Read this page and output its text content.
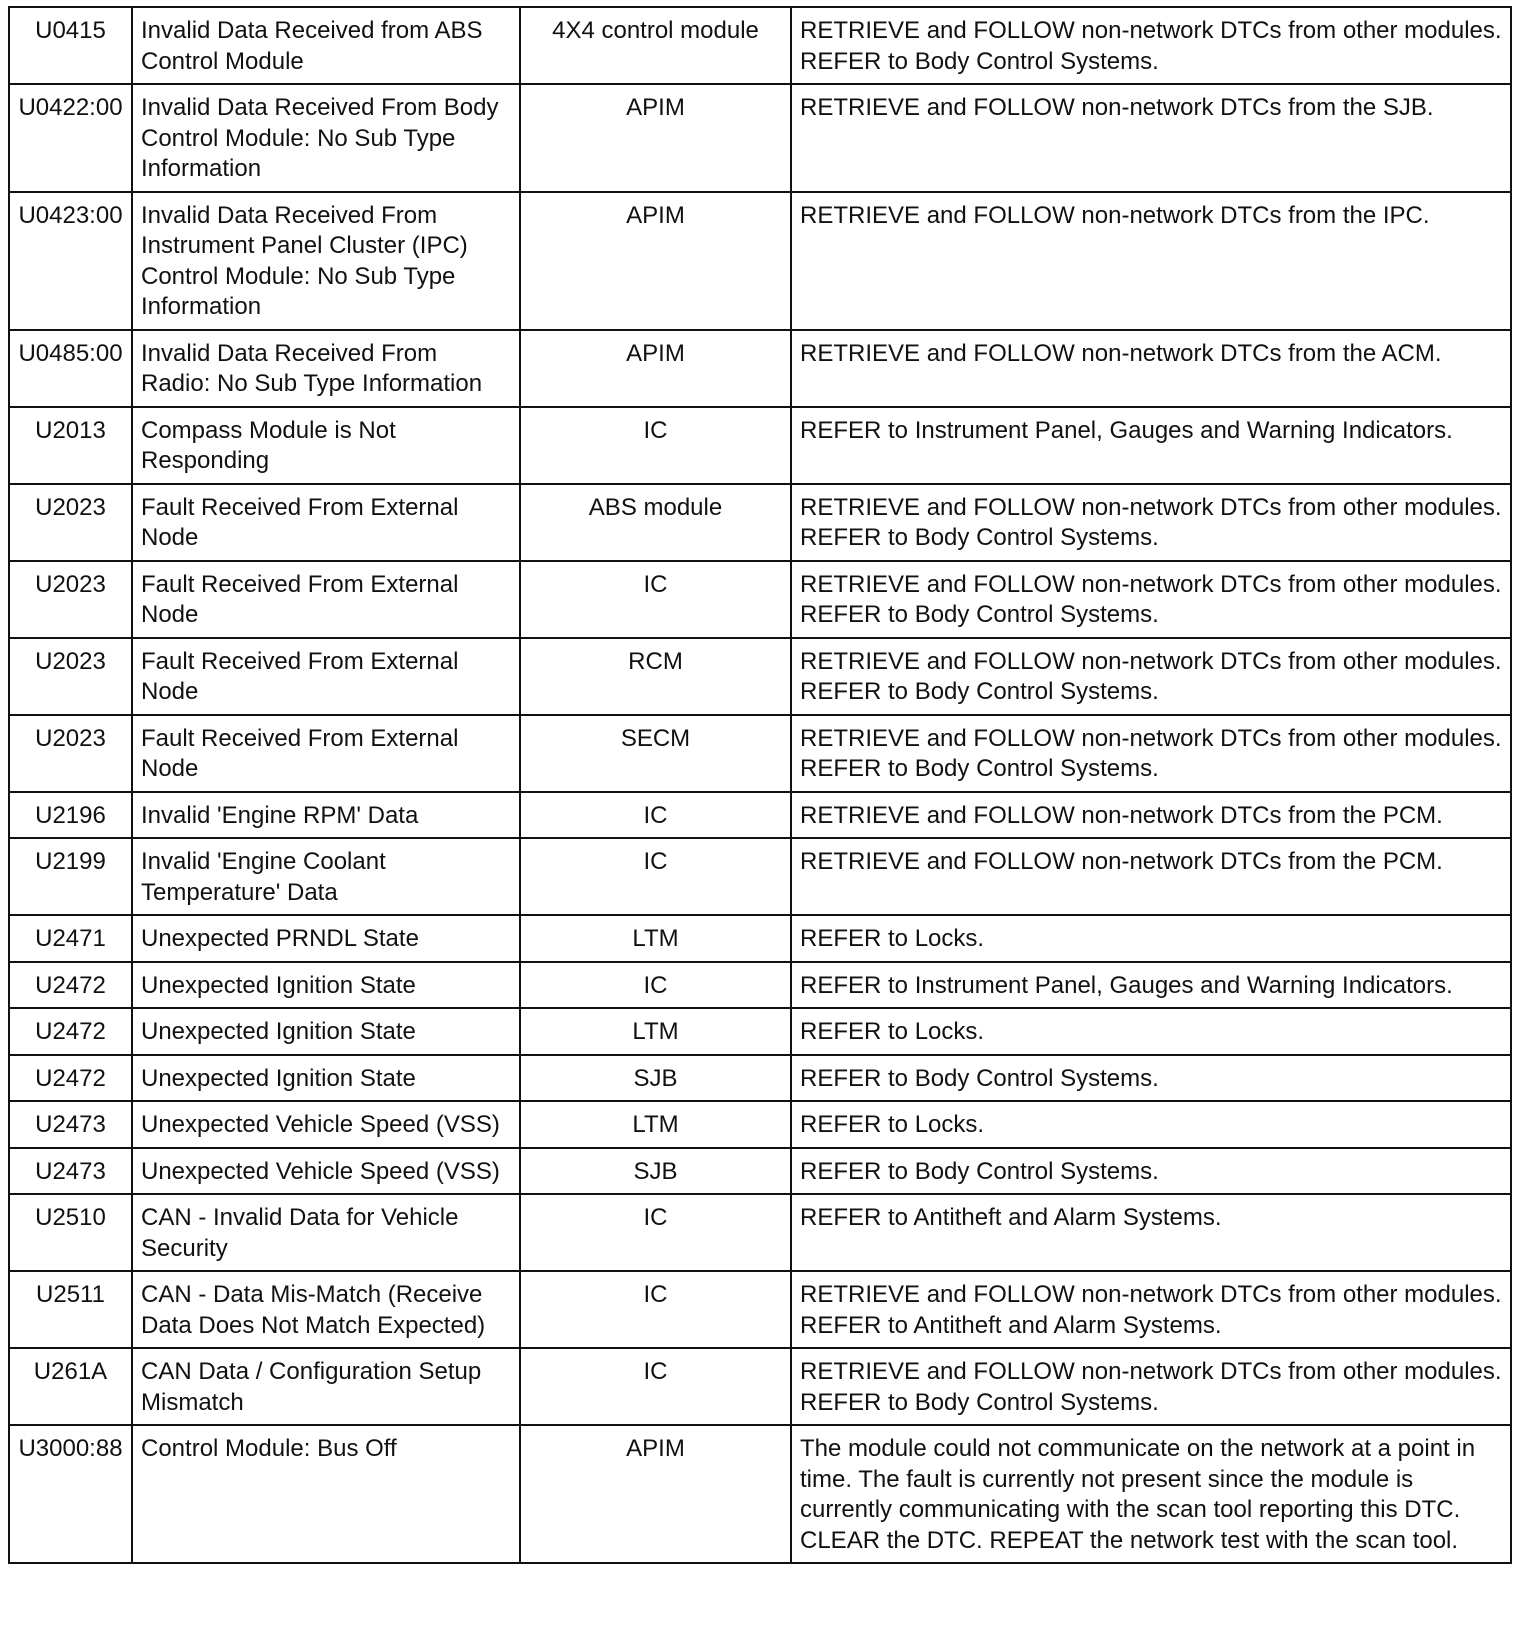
U0415	Invalid Data Received from ABS Control Module	4X4 control module	RETRIEVE and FOLLOW non-network DTCs from other modules. REFER to Body Control Systems.
U0422:00	Invalid Data Received From Body Control Module: No Sub Type Information	APIM	RETRIEVE and FOLLOW non-network DTCs from the SJB.
U0423:00	Invalid Data Received From Instrument Panel Cluster (IPC) Control Module: No Sub Type Information	APIM	RETRIEVE and FOLLOW non-network DTCs from the IPC.
U0485:00	Invalid Data Received From Radio: No Sub Type Information	APIM	RETRIEVE and FOLLOW non-network DTCs from the ACM.
U2013	Compass Module is Not Responding	IC	REFER to Instrument Panel, Gauges and Warning Indicators.
U2023	Fault Received From External Node	ABS module	RETRIEVE and FOLLOW non-network DTCs from other modules. REFER to Body Control Systems.
U2023	Fault Received From External Node	IC	RETRIEVE and FOLLOW non-network DTCs from other modules. REFER to Body Control Systems.
U2023	Fault Received From External Node	RCM	RETRIEVE and FOLLOW non-network DTCs from other modules. REFER to Body Control Systems.
U2023	Fault Received From External Node	SECM	RETRIEVE and FOLLOW non-network DTCs from other modules. REFER to Body Control Systems.
U2196	Invalid 'Engine RPM' Data	IC	RETRIEVE and FOLLOW non-network DTCs from the PCM.
U2199	Invalid 'Engine Coolant Temperature' Data	IC	RETRIEVE and FOLLOW non-network DTCs from the PCM.
U2471	Unexpected PRNDL State	LTM	REFER to Locks.
U2472	Unexpected Ignition State	IC	REFER to Instrument Panel, Gauges and Warning Indicators.
U2472	Unexpected Ignition State	LTM	REFER to Locks.
U2472	Unexpected Ignition State	SJB	REFER to Body Control Systems.
U2473	Unexpected Vehicle Speed (VSS)	LTM	REFER to Locks.
U2473	Unexpected Vehicle Speed (VSS)	SJB	REFER to Body Control Systems.
U2510	CAN - Invalid Data for Vehicle Security	IC	REFER to Antitheft and Alarm Systems.
U2511	CAN - Data Mis-Match (Receive Data Does Not Match Expected)	IC	RETRIEVE and FOLLOW non-network DTCs from other modules. REFER to Antitheft and Alarm Systems.
U261A	CAN Data / Configuration Setup Mismatch	IC	RETRIEVE and FOLLOW non-network DTCs from other modules. REFER to Body Control Systems.
U3000:88	Control Module: Bus Off	APIM	The module could not communicate on the network at a point in time. The fault is currently not present since the module is currently communicating with the scan tool reporting this DTC. CLEAR the DTC. REPEAT the network test with the scan tool.
